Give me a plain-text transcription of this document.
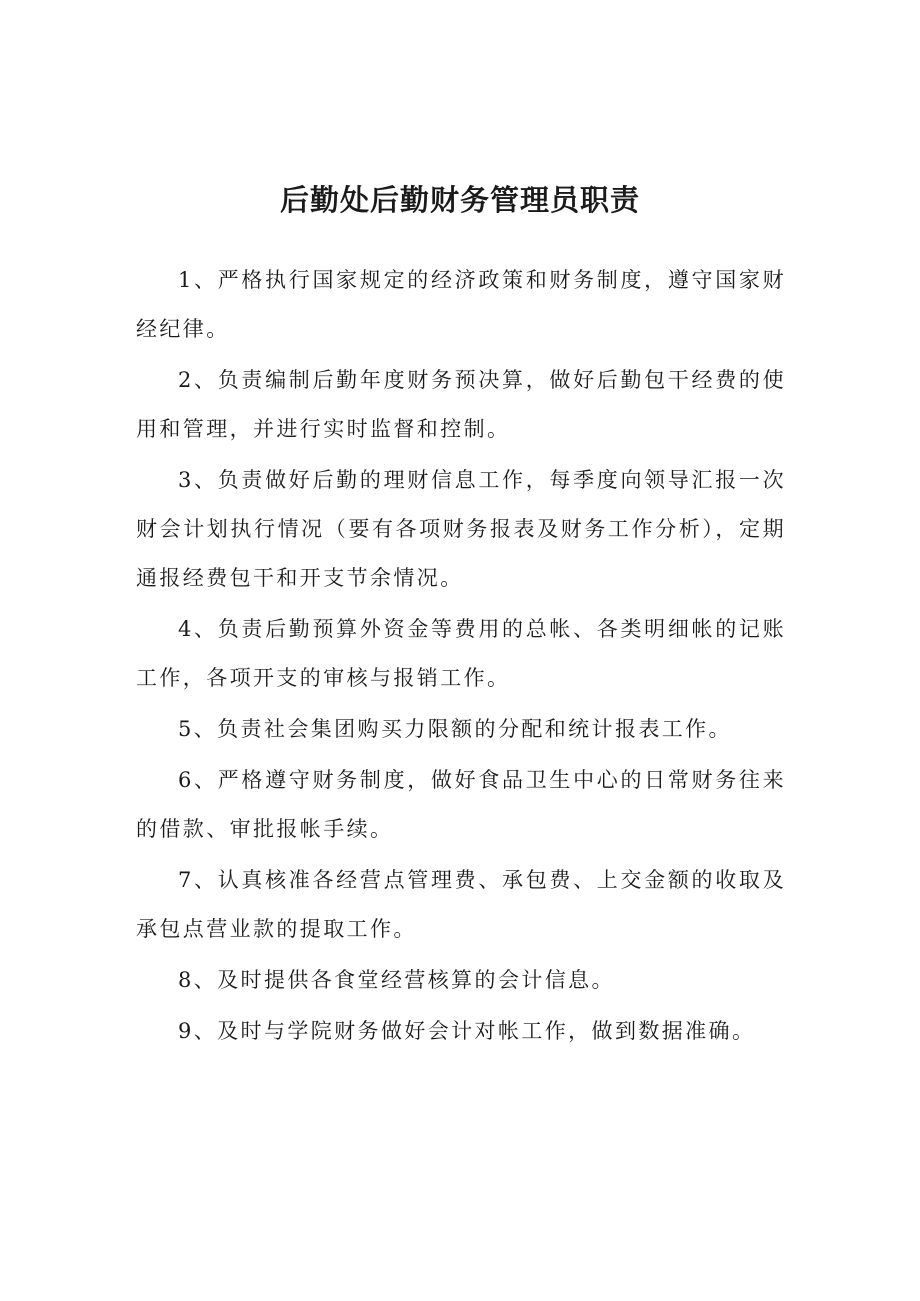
后勤处后勤财务管理员职责

1、严格执行国家规定的经济政策和财务制度，遵守国家财经纪律。

2、负责编制后勤年度财务预决算，做好后勤包干经费的使用和管理，并进行实时监督和控制。

3、负责做好后勤的理财信息工作，每季度向领导汇报一次财会计划执行情况（要有各项财务报表及财务工作分析），定期通报经费包干和开支节余情况。

4、负责后勤预算外资金等费用的总帐、各类明细帐的记账工作，各项开支的审核与报销工作。

5、负责社会集团购买力限额的分配和统计报表工作。

6、严格遵守财务制度，做好食品卫生中心的日常财务往来的借款、审批报帐手续。

7、认真核准各经营点管理费、承包费、上交金额的收取及承包点营业款的提取工作。

8、及时提供各食堂经营核算的会计信息。

9、及时与学院财务做好会计对帐工作，做到数据准确。
